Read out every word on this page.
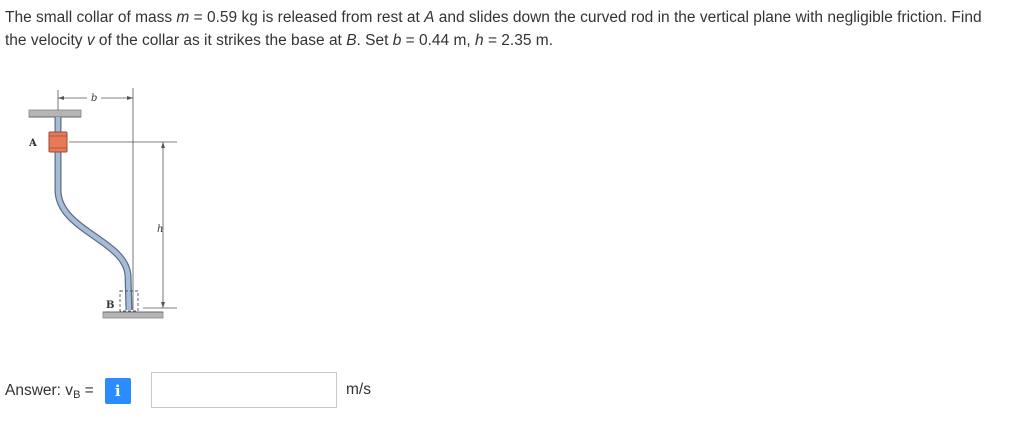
The small collar of mass m = 0.59 kg is released from rest at A and slides down the curved rod in the vertical plane with negligible friction. Find the velocity v of the collar as it strikes the base at B. Set b = 0.44 m, h = 2.35 m.
b
h
A
B
Answer: $v_B = i$	m/s
